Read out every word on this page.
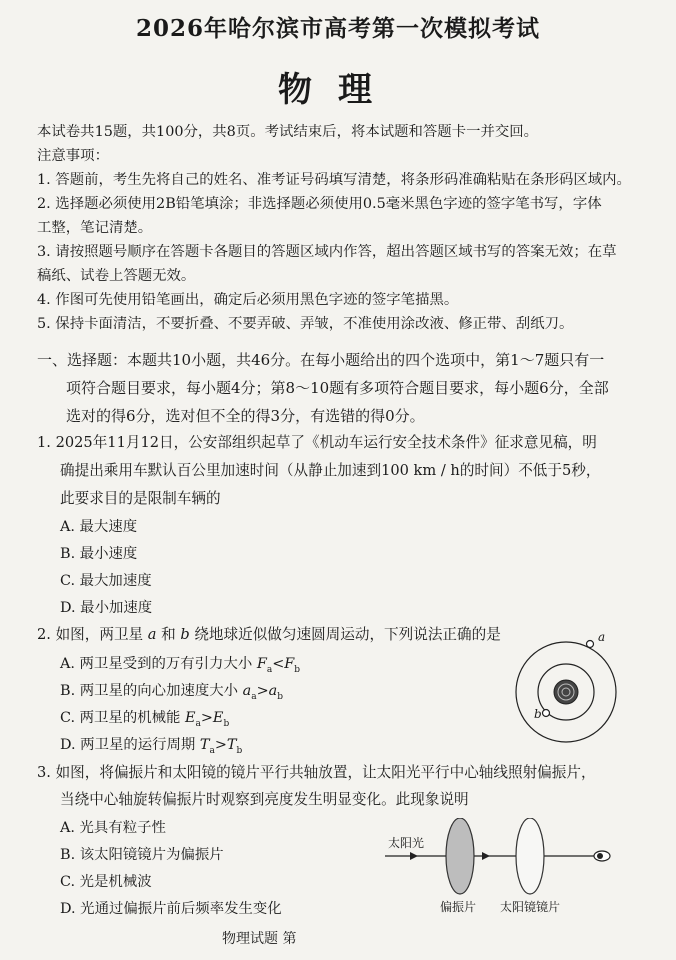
2026年哈尔滨市高考第一次模拟考试
物理
本试卷共15题，共100分，共8页。考试结束后，将本试题和答题卡一并交回。
注意事项：
1. 答题前，考生先将自己的姓名、准考证号码填写清楚，将条形码准确粘贴在条形码区域内。
2. 选择题必须使用2B铅笔填涂；非选择题必须使用0.5毫米黑色字迹的签字笔书写，字体
工整，笔记清楚。
3. 请按照题号顺序在答题卡各题目的答题区域内作答，超出答题区域书写的答案无效；在草
稿纸、试卷上答题无效。
4. 作图可先使用铅笔画出，确定后必须用黑色字迹的签字笔描黑。
5. 保持卡面清洁，不要折叠、不要弄破、弄皱，不准使用涂改液、修正带、刮纸刀。
一、选择题：本题共10小题，共46分。在每小题给出的四个选项中，第1～7题只有一
项符合题目要求，每小题4分；第8～10题有多项符合题目要求，每小题6分，全部
选对的得6分，选对但不全的得3分，有选错的得0分。
1. 2025年11月12日，公安部组织起草了《机动车运行安全技术条件》征求意见稿，明
确提出乘用车默认百公里加速时间（从静止加速到100 km / h的时间）不低于5秒，
此要求目的是限制车辆的
A. 最大速度
B. 最小速度
C. 最大加速度
D. 最小加速度
2. 如图，两卫星 a 和 b 绕地球近似做匀速圆周运动，下列说法正确的是
A. 两卫星受到的万有引力大小 $F_a<F_b$
B. 两卫星的向心加速度大小 $a_a>a_b$
C. 两卫星的机械能 $E_a>E_b$
D. 两卫星的运行周期 $T_a>T_b$
a
b
3. 如图，将偏振片和太阳镜的镜片平行共轴放置，让太阳光平行中心轴线照射偏振片，
当绕中心轴旋转偏振片时观察到亮度发生明显变化。此现象说明
A. 光具有粒子性
B. 该太阳镜镜片为偏振片
C. 光是机械波
D. 光通过偏振片前后频率发生变化
太阳光
偏振片 太阳镜镜片
物理试题 第
